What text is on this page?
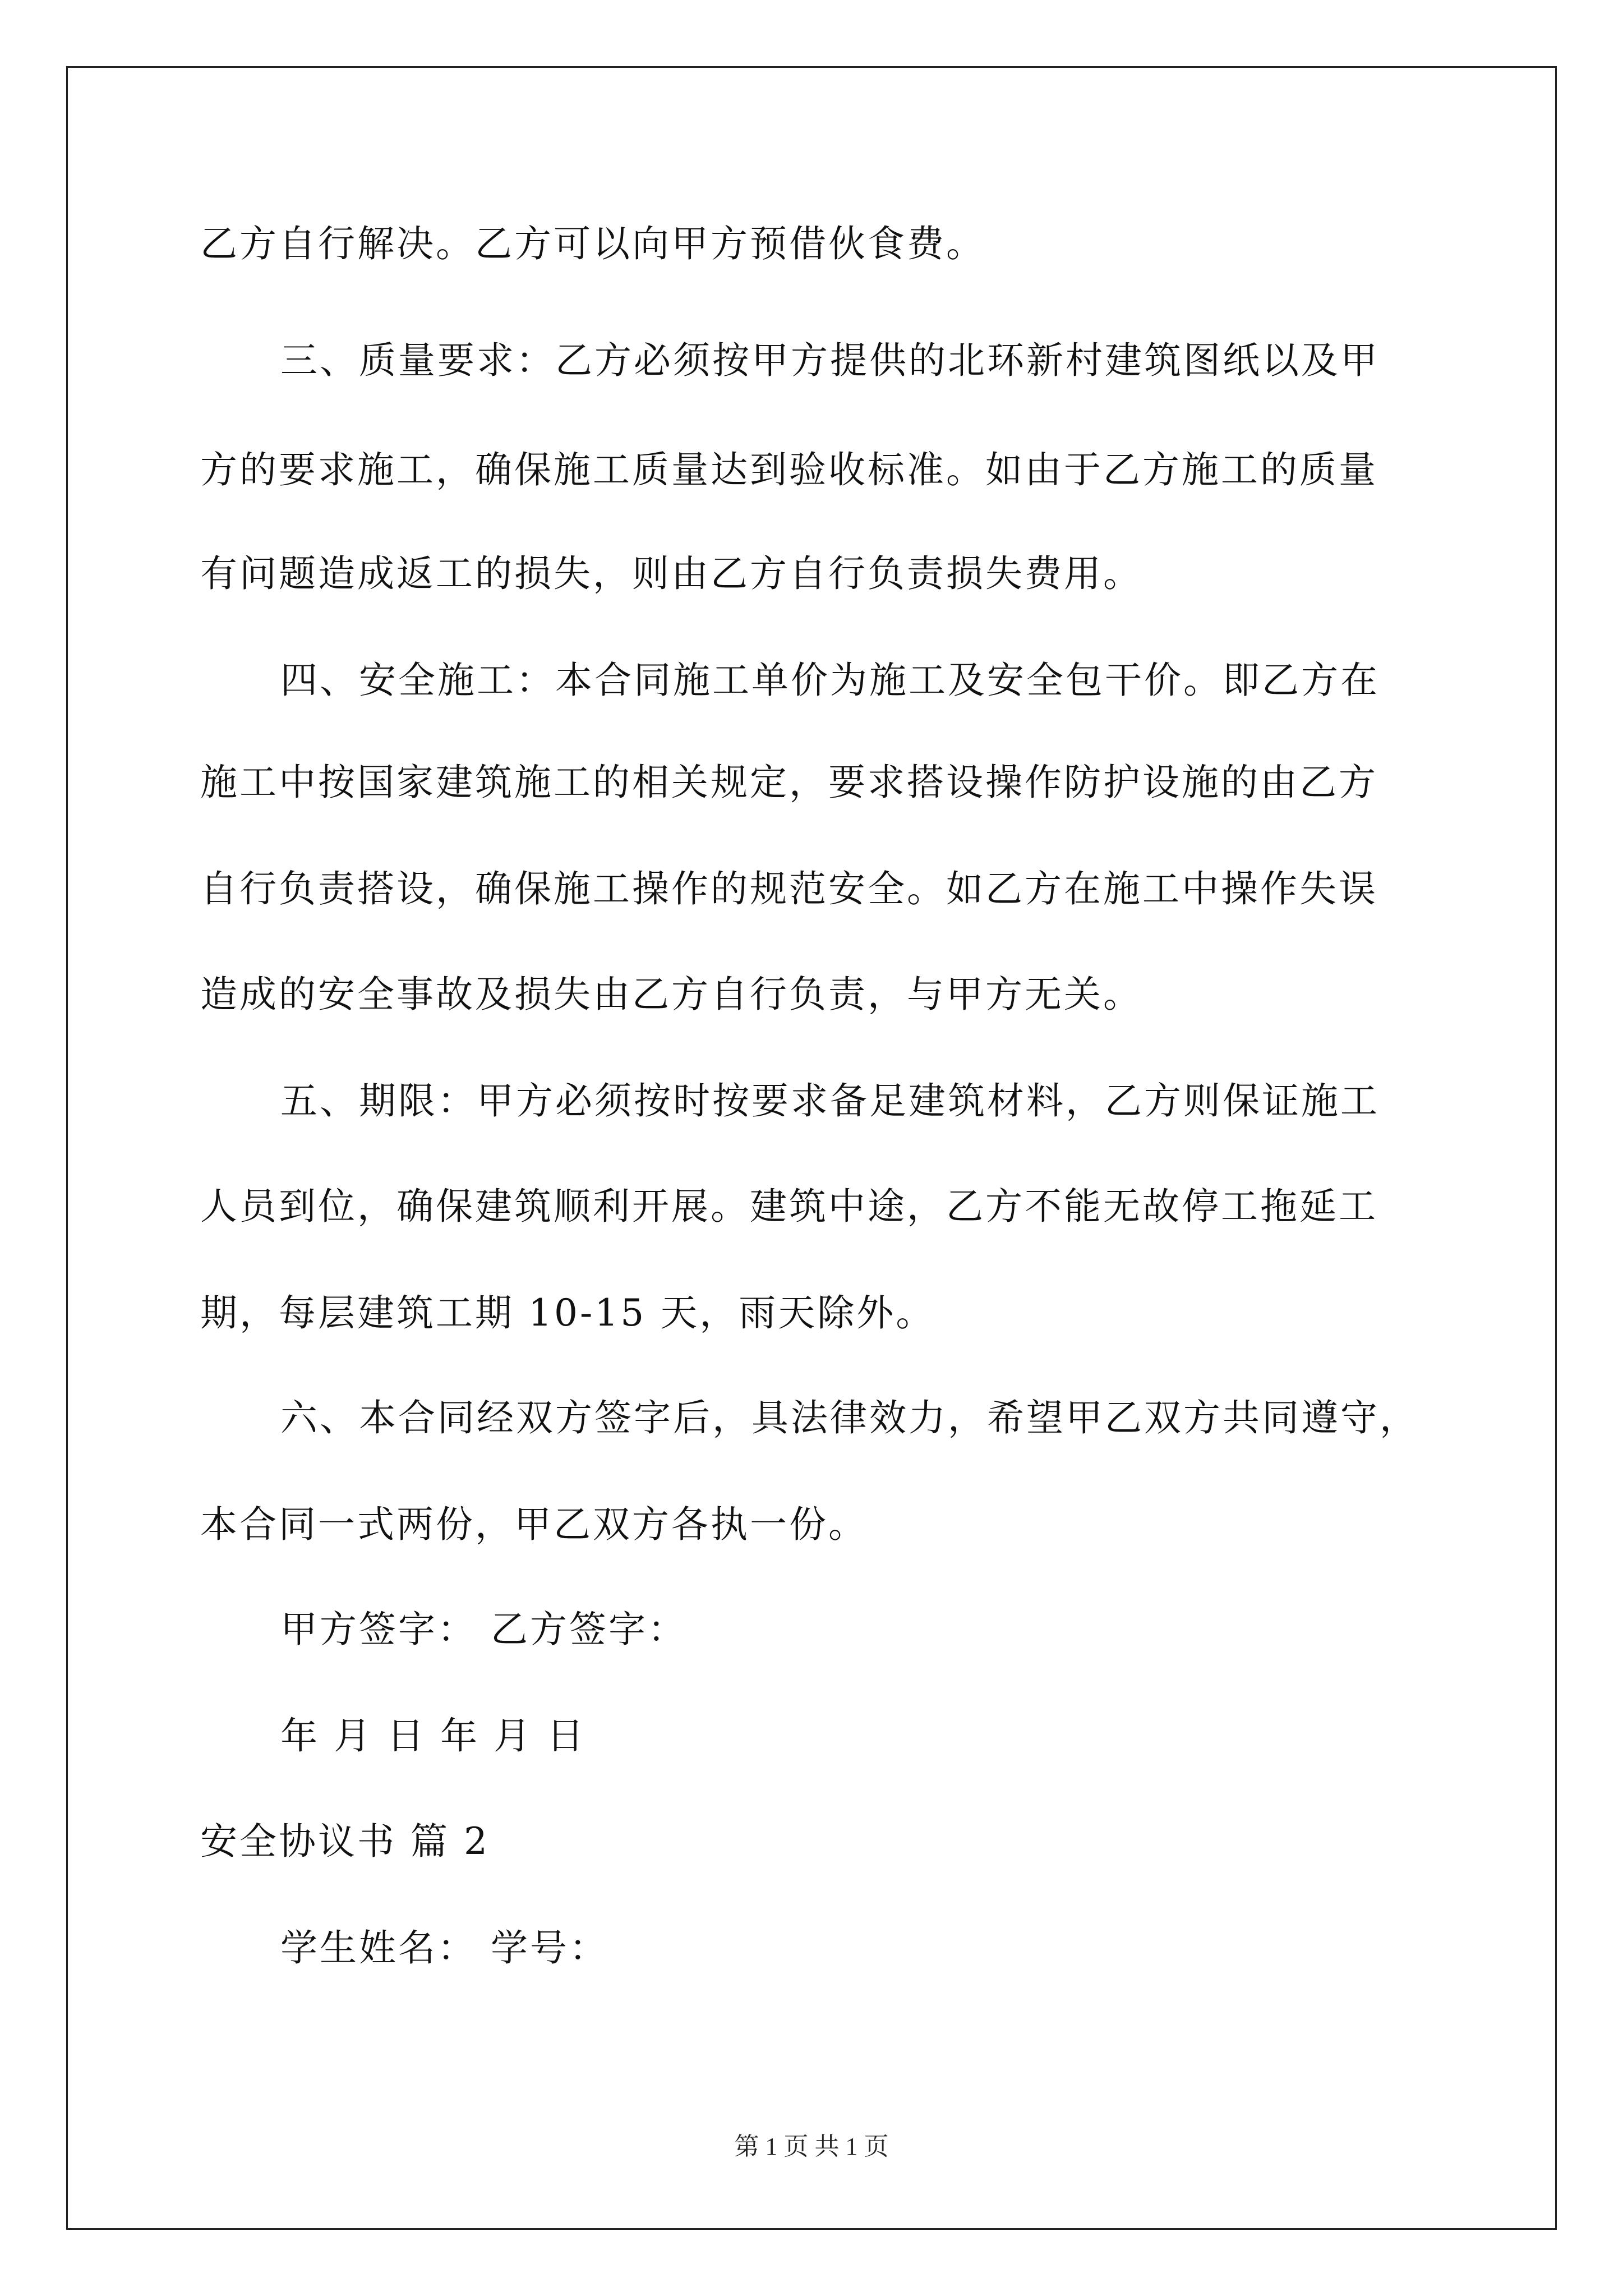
乙方自行解决。乙方可以向甲方预借伙食费。
三、质量要求：乙方必须按甲方提供的北环新村建筑图纸以及甲
方的要求施工，确保施工质量达到验收标准。如由于乙方施工的质量
有问题造成返工的损失，则由乙方自行负责损失费用。
四、安全施工：本合同施工单价为施工及安全包干价。即乙方在
施工中按国家建筑施工的相关规定，要求搭设操作防护设施的由乙方
自行负责搭设，确保施工操作的规范安全。如乙方在施工中操作失误
造成的安全事故及损失由乙方自行负责，与甲方无关。
五、期限：甲方必须按时按要求备足建筑材料，乙方则保证施工
人员到位，确保建筑顺利开展。建筑中途，乙方不能无故停工拖延工
期，每层建筑工期 10-15 天，雨天除外。
六、本合同经双方签字后，具法律效力，希望甲乙双方共同遵守，
本合同一式两份，甲乙双方各执一份。
甲方签字： 乙方签字：
年 月 日 年 月 日
安全协议书 篇 2
学生姓名： 学号：
第 1 页 共 1 页
